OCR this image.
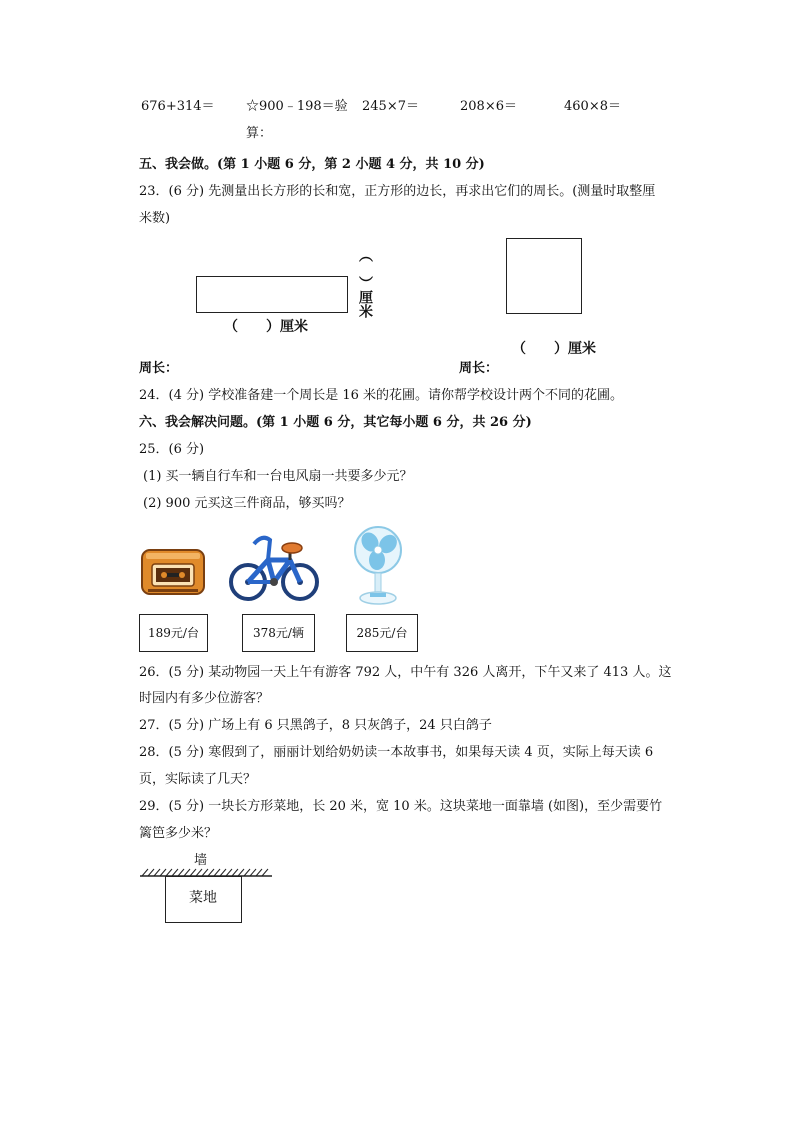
676+314＝ ☆900﹣198＝验
算：
245×7＝	208×6＝	460×8＝
五、我会做。(第 1 小题 6 分，第 2 小题 4 分，共 10 分)
23．(6 分) 先测量出长方形的长和宽，正方形的边长，再求出它们的周长。(测量时取整厘
米数)
（　　）厘米
（　）厘米
（　　）厘米
周长：	周长：
24．(4 分) 学校准备建一个周长是 16 米的花圃。请你帮学校设计两个不同的花圃。
六、我会解决问题。(第 1 小题 6 分，其它每小题 6 分，共 26 分)
25．(6 分)
(1) 买一辆自行车和一台电风扇一共要多少元？
(2) 900 元买这三件商品，够买吗？
189元/台	378元/辆	285元/台
26．(5 分) 某动物园一天上午有游客 792 人，中午有 326 人离开，下午又来了 413 人。这
时园内有多少位游客？
27．(5 分) 广场上有 6 只黑鸽子，8 只灰鸽子，24 只白鸽子
28．(5 分) 寒假到了，丽丽计划给奶奶读一本故事书，如果每天读 4 页，实际上每天读 6
页，实际读了几天？
29．(5 分) 一块长方形菜地，长 20 米，宽 10 米。这块菜地一面靠墙 (如图)，至少需要竹
篱笆多少米？
墙
菜地
